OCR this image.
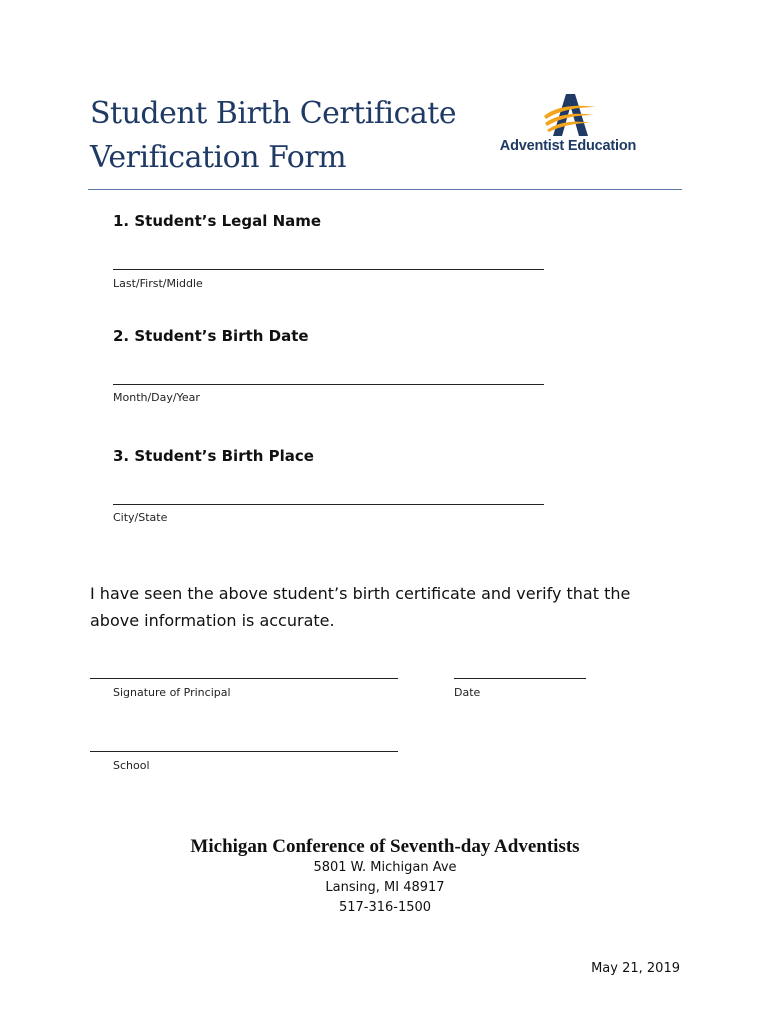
Student Birth Certificate
Verification Form	Adventist Education
1. Student’s Legal Name
Last/First/Middle
2. Student’s Birth Date
Month/Day/Year
3. Student’s Birth Place
City/State
I have seen the above student’s birth certificate and verify that the above information is accurate.
Signature of Principal	Date
School
Michigan Conference of Seventh-day Adventists
5801 W. Michigan Ave
Lansing, MI 48917
517-316-1500
May 21, 2019
